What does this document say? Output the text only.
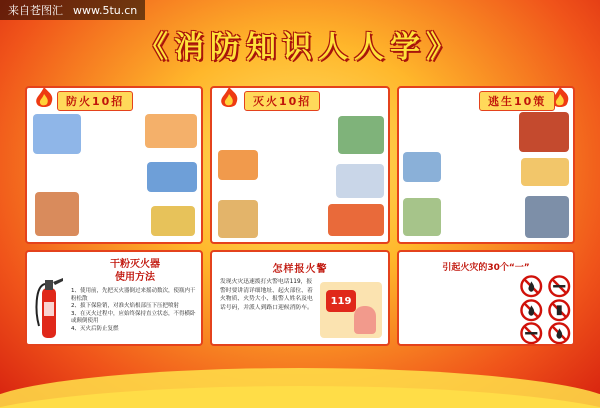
来自苍图汇 www.5tu.cn
《消防知识人人学》
防火10招	灭火10招	逃生10策
干粉灭火器
使用方法
1、使用前，先把灭火器倒过来摇动数次，使瓶内干粉松散
2、拔下保险销，对准火焰根部压下压把喷射
3、在灭火过程中，应始终保持直立状态，不得横卧或颠倒使用
4、灭火后防止复燃
怎样报火警
发现火灾迅速拨打火警电话119，报警时要讲清详细地址、起火部位、着火物质、火势大小、报警人姓名及电话号码，并派人到路口迎候消防车。
119
引起火灾的30个“一”
